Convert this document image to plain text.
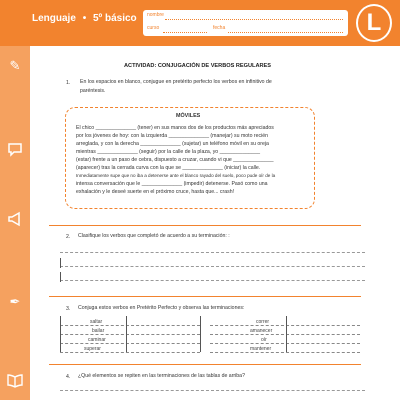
Lenguaje • 5º básico nombre
curso	fecha	L
✎
✒
ACTIVIDAD: CONJUGACIÓN DE VERBOS REGULARES
1. En los espacios en blanco, conjugue en pretérito perfecto los verbos en infinitivo de
paréntesis.
MÓVILES
El chico ______________ (tener) en sus manos dos de los productos más apreciados
por los jóvenes de hoy: con la izquierda ______________ (manejar) su moto recién
arreglada, y con la derecha ______________ (sujetar) un teléfono móvil en su oreja
mientras ______________ (seguir) por la calle de la plaza, yo ______________
(estar) frente a un paso de cebra, dispuesto a cruzar, cuando vi que ______________
(aparecer) tras la cerrada curva con la que se ______________ (iniciar) la calle.
Inmediatamente supe que no iba a detenerse ante el blanco rayado del suelo, poco pude oír de la
intensa conversación que le ______________ (impedir) detenerse. Pasó como una
exhalación y le deseé suerte en el próximo cruce, hasta que... crash!
2. Clasifique los verbos que completó de acuerdo a su terminación: :
3. Conjuga estos verbos en Pretérito Perfecto y observa las terminaciones:
saltar
bailar
caminar
superar
correr
amanecer
oír
mantener
4. ¿Qué elementos se repiten en las terminaciones de las tablas de arriba?
